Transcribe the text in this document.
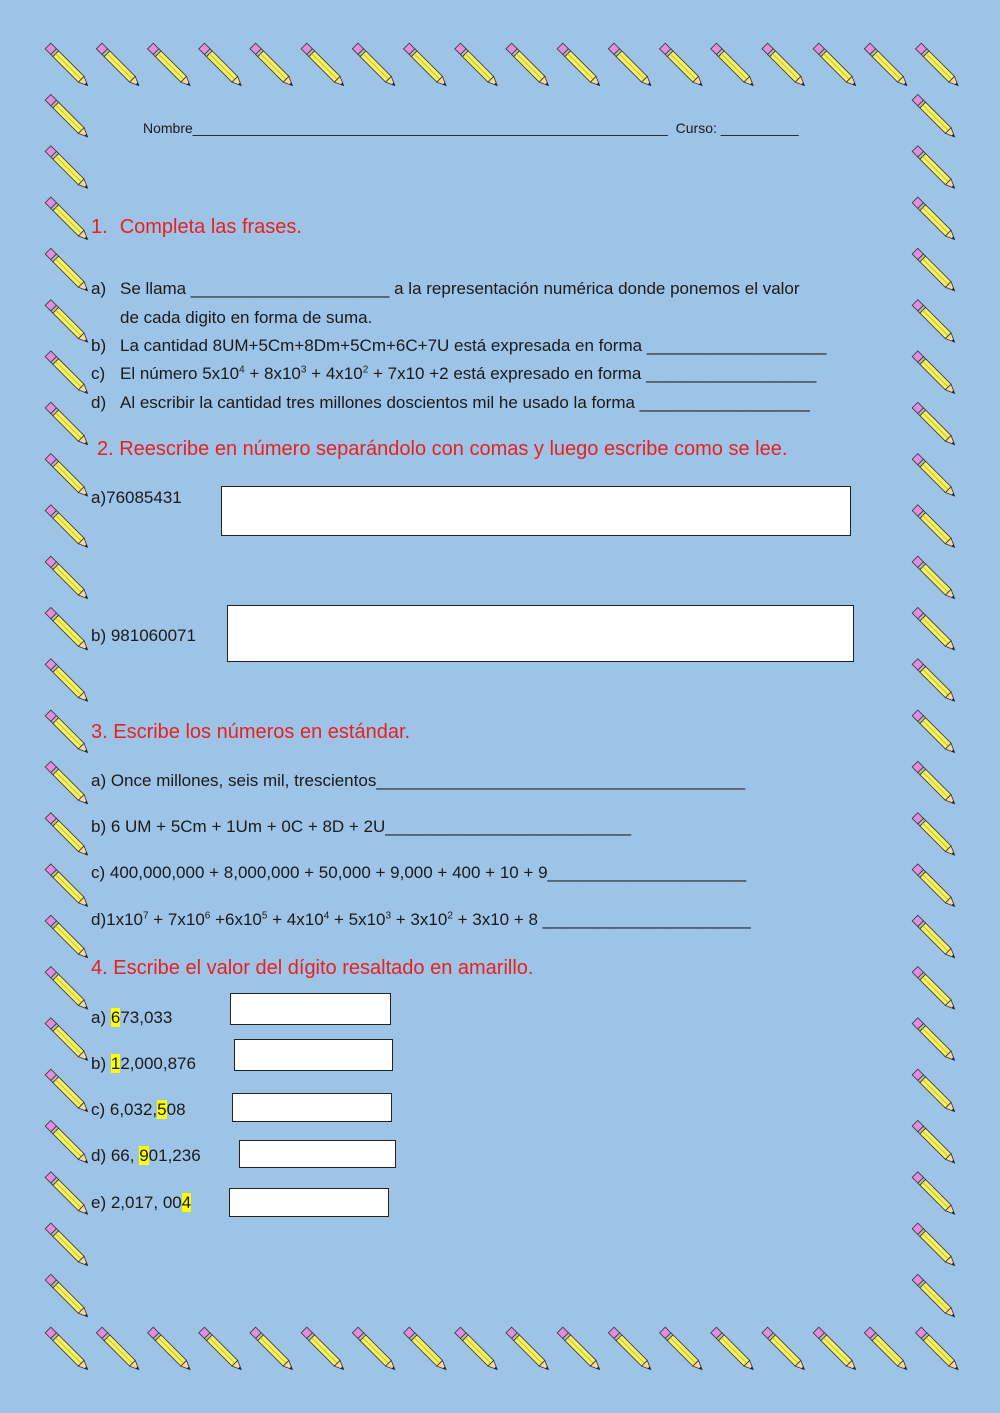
Nombre_____________________________________________________________ Curso: __________
1. Completa las frases.
a) Se llama _____________________ a la representación numérica donde ponemos el valor
de cada digito en forma de suma.
b) La cantidad 8UM+5Cm+8Dm+5Cm+6C+7U está expresada en forma ___________________
c) El número $5x10^4 + 8x10^3 + 4x10^2 + 7x10 +2$ está expresado en forma __________________
d) Al escribir la cantidad tres millones doscientos mil he usado la forma __________________
2. Reescribe en número separándolo con comas y luego escribe como se lee.
a)76085431
b) 981060071
3. Escribe los números en estándar.
a) Once millones, seis mil, trescientos_______________________________________
b) 6 UM + 5Cm + 1Um + 0C + 8D + 2U__________________________
c) 400,000,000 + 8,000,000 + 50,000 + 9,000 + 400 + 10 + 9_____________________
$d)1x10^7 + 7x10^6 +6x10^5 + 4x10^4 + 5x10^3 + 3x10^2 + 3x10 + 8$ ______________________
4. Escribe el valor del dígito resaltado en amarillo.
a) 673,033
b) 12,000,876
c) 6,032,508
d) 66, 901,236
e) 2,017, 004
